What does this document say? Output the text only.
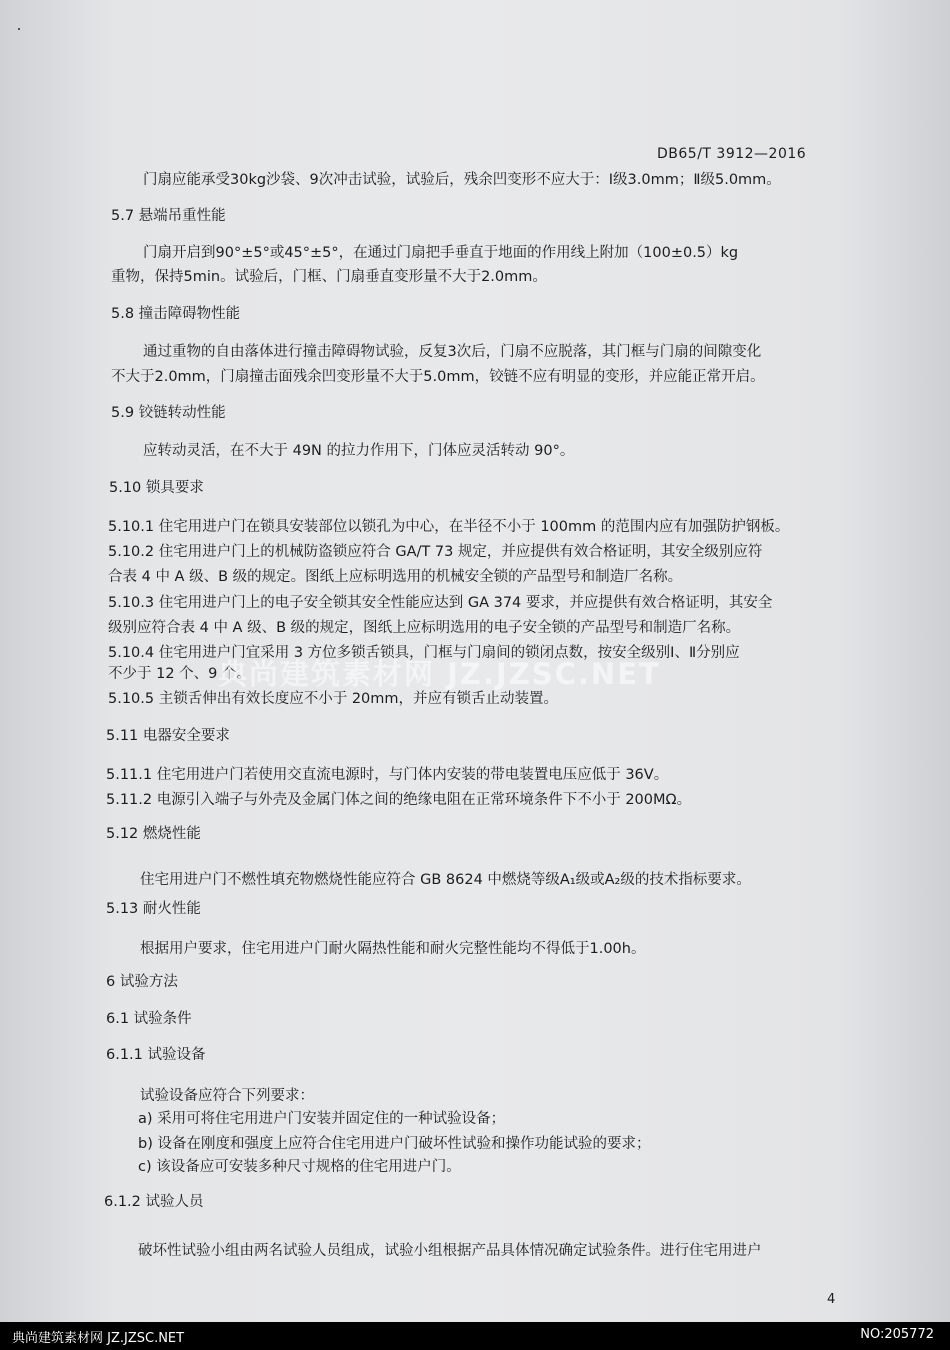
DB65/T 3912—2016
门扇应能承受30kg沙袋、9次冲击试验，试验后，残余凹变形不应大于：Ⅰ级3.0mm；Ⅱ级5.0mm。
5.7 悬端吊重性能
门扇开启到90°±5°或45°±5°，在通过门扇把手垂直于地面的作用线上附加（100±0.5）kg
重物，保持5min。试验后，门框、门扇垂直变形量不大于2.0mm。
5.8 撞击障碍物性能
通过重物的自由落体进行撞击障碍物试验，反复3次后，门扇不应脱落，其门框与门扇的间隙变化
不大于2.0mm，门扇撞击面残余凹变形量不大于5.0mm，铰链不应有明显的变形，并应能正常开启。
5.9 铰链转动性能
应转动灵活，在不大于 49N 的拉力作用下，门体应灵活转动 90°。
5.10 锁具要求
5.10.1 住宅用进户门在锁具安装部位以锁孔为中心，在半径不小于 100mm 的范围内应有加强防护钢板。
5.10.2 住宅用进户门上的机械防盗锁应符合 GA/T 73 规定，并应提供有效合格证明，其安全级别应符
合表 4 中 A 级、B 级的规定。图纸上应标明选用的机械安全锁的产品型号和制造厂名称。
5.10.3 住宅用进户门上的电子安全锁其安全性能应达到 GA 374 要求，并应提供有效合格证明，其安全
级别应符合表 4 中 A 级、B 级的规定，图纸上应标明选用的电子安全锁的产品型号和制造厂名称。
5.10.4 住宅用进户门宜采用 3 方位多锁舌锁具，门框与门扇间的锁闭点数，按安全级别Ⅰ、Ⅱ分别应
不少于 12 个、9 个。
5.10.5 主锁舌伸出有效长度应不小于 20mm，并应有锁舌止动装置。
5.11 电器安全要求
5.11.1 住宅用进户门若使用交直流电源时，与门体内安装的带电装置电压应低于 36V。
5.11.2 电源引入端子与外壳及金属门体之间的绝缘电阻在正常环境条件下不小于 200MΩ。
5.12 燃烧性能
住宅用进户门不燃性填充物燃烧性能应符合 GB 8624 中燃烧等级A₁级或A₂级的技术指标要求。
5.13 耐火性能
根据用户要求，住宅用进户门耐火隔热性能和耐火完整性能均不得低于1.00h。
6 试验方法
6.1 试验条件
6.1.1 试验设备
试验设备应符合下列要求：
a) 采用可将住宅用进户门安装并固定住的一种试验设备；
b) 设备在刚度和强度上应符合住宅用进户门破坏性试验和操作功能试验的要求；
c) 该设备应可安装多种尺寸规格的住宅用进户门。
6.1.2 试验人员
破坏性试验小组由两名试验人员组成，试验小组根据产品具体情况确定试验条件。进行住宅用进户
典尚建筑素材网 JZ.JZSC.NET
4
典尚建筑素材网 JZ.JZSC.NET	NO:205772
